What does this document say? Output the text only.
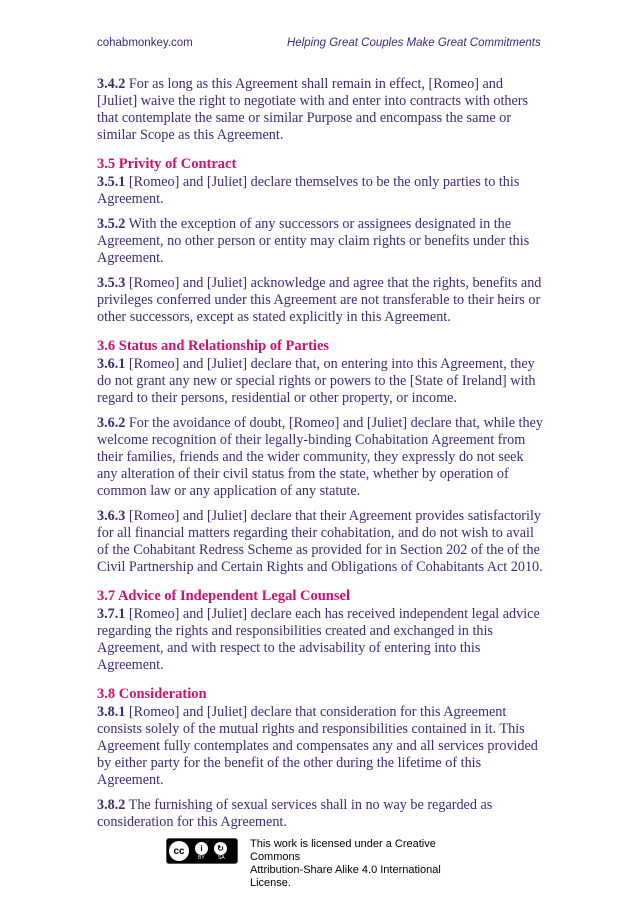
cohabmonkey.com	Helping Great Couples Make Great Commitments

3.4.2 For as long as this Agreement shall remain in effect, [Romeo] and [Juliet] waive the right to negotiate with and enter into contracts with others that contemplate the same or similar Purpose and encompass the same or similar Scope as this Agreement.

3.5 Privity of Contract

3.5.1 [Romeo] and [Juliet] declare themselves to be the only parties to this Agreement.

3.5.2 With the exception of any successors or assignees designated in the Agreement, no other person or entity may claim rights or benefits under this Agreement.

3.5.3 [Romeo] and [Juliet] acknowledge and agree that the rights, benefits and privileges conferred under this Agreement are not transferable to their heirs or other successors, except as stated explicitly in this Agreement.

3.6 Status and Relationship of Parties

3.6.1 [Romeo] and [Juliet] declare that, on entering into this Agreement, they do not grant any new or special rights or powers to the [State of Ireland] with regard to their persons, residential or other property, or income.

3.6.2 For the avoidance of doubt, [Romeo] and [Juliet] declare that, while they welcome recognition of their legally-binding Cohabitation Agreement from their families, friends and the wider community, they expressly do not seek any alteration of their civil status from the state, whether by operation of common law or any application of any statute.

3.6.3 [Romeo] and [Juliet] declare that their Agreement provides satisfactorily for all financial matters regarding their cohabitation, and do not wish to avail of the Cohabitant Redress Scheme as provided for in Section 202 of the of the Civil Partnership and Certain Rights and Obligations of Cohabitants Act 2010.

3.7 Advice of Independent Legal Counsel

3.7.1 [Romeo] and [Juliet] declare each has received independent legal advice regarding the rights and responsibilities created and exchanged in this Agreement, and with respect to the advisability of entering into this Agreement.

3.8 Consideration

3.8.1 [Romeo] and [Juliet] declare that consideration for this Agreement consists solely of the mutual rights and responsibilities contained in it. This Agreement fully contemplates and compensates any and all services provided by either party for the benefit of the other during the lifetime of this Agreement.

3.8.2 The furnishing of sexual services shall in no way be regarded as consideration for this Agreement.

cc	i	↻
BY	SA
This work is licensed under a Creative Commons
Attribution-Share Alike 4.0 International License.
